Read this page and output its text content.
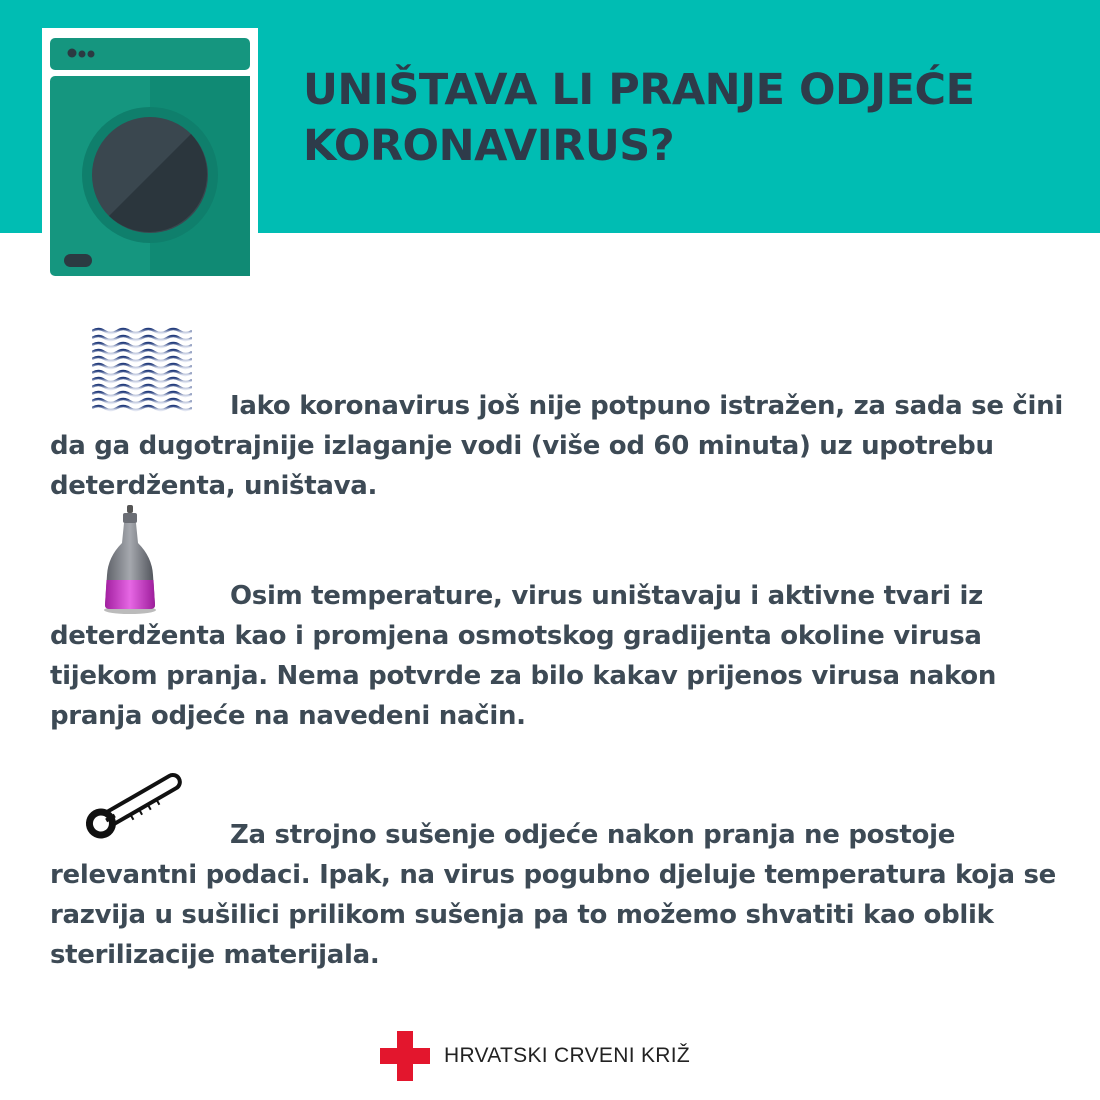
UNIŠTAVA LI PRANJE ODJEĆE
KORONAVIRUS?

Iako koronavirus još nije potpuno istražen, za sada se čini da ga dugotrajnije izlaganje vodi (više od 60 minuta) uz upotrebu deterdženta, uništava.

Osim temperature, virus uništavaju i aktivne tvari iz deterdženta kao i promjena osmotskog gradijenta okoline virusa tijekom pranja. Nema potvrde za bilo kakav prijenos virusa nakon pranja odjeće na navedeni način.

Za strojno sušenje odjeće nakon pranja ne postoje relevantni podaci. Ipak, na virus pogubno djeluje temperatura koja se razvija u sušilici prilikom sušenja pa to možemo shvatiti kao oblik sterilizacije materijala.

HRVATSKI CRVENI KRIŽ
